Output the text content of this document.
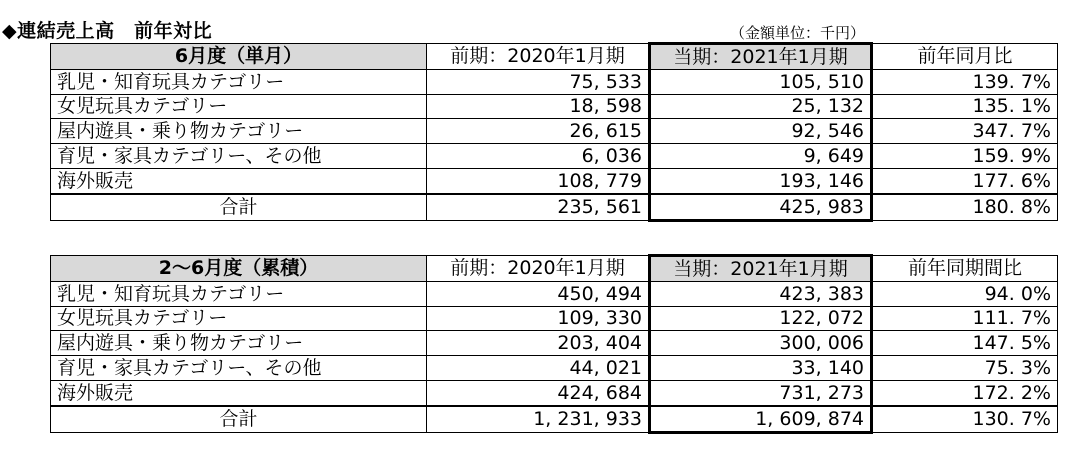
◆連結売上高　前年対比	（金額単位：千円）
6月度（単月）	前期：2020年1月期	当期：2021年1月期	前年同月比
乳児・知育玩具カテゴリー	75, 533	105, 510	139. 7%
女児玩具カテゴリー	18, 598	25, 132	135. 1%
屋内遊具・乗り物カテゴリー	26, 615	92, 546	347. 7%
育児・家具カテゴリー、その他	6, 036	9, 649	159. 9%
海外販売	108, 779	193, 146	177. 6%
合計	235, 561	425, 983	180. 8%
2～6月度（累積）	前期：2020年1月期	当期：2021年1月期	前年同期間比
乳児・知育玩具カテゴリー	450, 494	423, 383	94. 0%
女児玩具カテゴリー	109, 330	122, 072	111. 7%
屋内遊具・乗り物カテゴリー	203, 404	300, 006	147. 5%
育児・家具カテゴリー、その他	44, 021	33, 140	75. 3%
海外販売	424, 684	731, 273	172. 2%
合計	1, 231, 933	1, 609, 874	130. 7%
